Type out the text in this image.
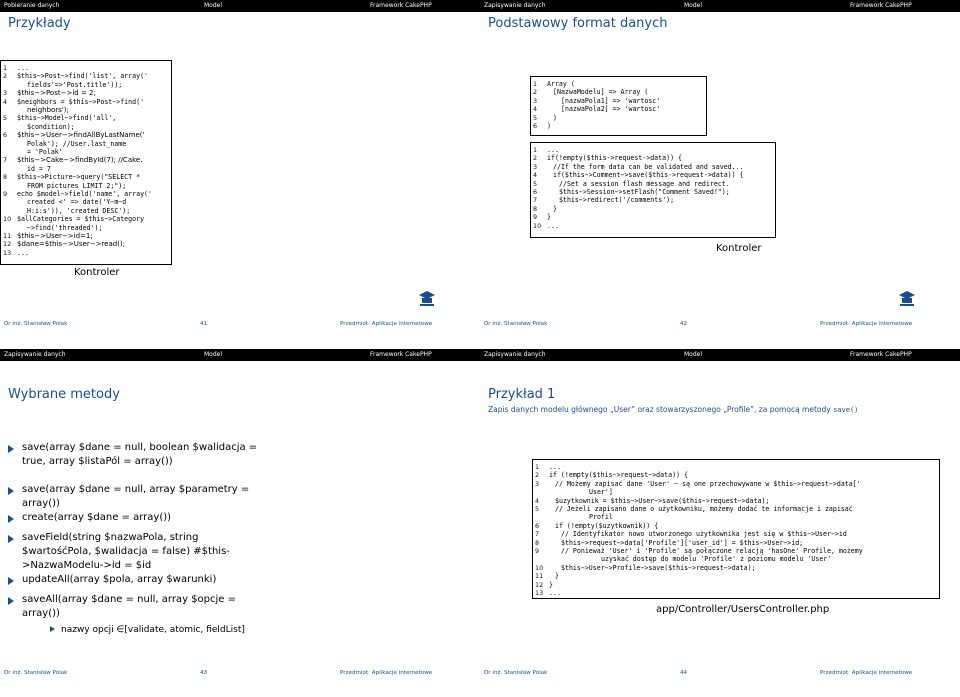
Pobieranie danych	Model	Framework CakePHP
Przykłady
1	...
2	$this−>Post−>find('list', array('
fields'=>'Post.title'));
3	$this−>Post−>id = 2;
4	$neighbors = $this−>Post−>find('
neighbors');
5	$this−>Model−>find('all',
$condition);
6	$this−>User−>findAllByLastName('
Polak'); //User.last_name
= 'Polak'
7	$this−>Cake−>findById(7); //Cake.
id = 7
8	$this−>Picture−>query("SELECT *
FROM pictures LIMIT 2;");
9	echo $model−>field('name', array('
created <' => date('Y−m−d
H:i:s')), 'created DESC');
10 $allCategories = $this−>Category
−>find('threaded');
11 $this−>User−>id=1;
12 $dane=$this−>User−>read();
13 ...
Kontroler
Dr inż. Stanisław Polak	41	Przedmiot: Aplikacje internetowe
Zapisywanie danych	Model	Framework CakePHP
Podstawowy format danych
1	Array (
2	[NazwaModelu] => Array (
3	[nazwaPola1] => 'wartosc'
4	[nazwaPola2] => 'wartosc'
5	)
6	)
1	...
2	if(!empty($this->request->data)) {
3	//If the form data can be validated and saved...
4	if($this−>Comment−>save($this->request->data)) {
5	//Set a session flash message and redirect.
6	$this−>Session−>setFlash("Comment Saved!");
7	$this−>redirect('/comments');
8	}
9	}
10 ...
Kontroler
Dr inż. Stanisław Polak	42	Przedmiot: Aplikacje internetowe
Zapisywanie danych	Model	Framework CakePHP
Wybrane metody
save(array $dane = null, boolean $walidacja = true, array $listaPól = array())
save(array $dane = null, array $parametry = array())
create(array $dane = array())
saveField(string $nazwaPola, string $wartośćPola, $walidacja = false) #$this->NazwaModelu->id = $id
updateAll(array $pola, array $warunki)
saveAll(array $dane = null, array $opcje = array())
nazwy opcji ∈[validate, atomic, fieldList]
Dr inż. Stanisław Polak	43	Przedmiot: Aplikacje internetowe
Zapisywanie danych	Model	Framework CakePHP
Przykład 1
Zapis danych modelu głównego „User” oraz stowarzyszonego „Profile”, za pomocą metody save()
1	...
2	if (!empty($this−>request−>data)) {
3	// Możemy zapisać dane 'User' − są one przechowywane w $this−>request−>data['
User']
4	$uzytkownik = $this−>User−>save($this−>request−>data);
5	// Jeżeli zapisano dane o użytkowniku, możemy dodać te informacje i zapisać
Profil
6	if (!empty($uzytkownik)) {
7	// Identyfikator nowo utworzonego użytkownika jest się w $this−>User−>id
8	$this−>request−>data['Profile']['user_id'] = $this−>User−>id;
9	// Ponieważ 'User' i 'Profile' są połączone relacją 'hasOne' Profile, możemy
uzyskać dostęp do modelu 'Profile' z poziomu modelu 'User'
10	$this−>User−>Profile−>save($this−>request−>data);
11	}
12 }
13 ...
app/Controller/UsersController.php
Dr inż. Stanisław Polak	44	Przedmiot: Aplikacje internetowe
